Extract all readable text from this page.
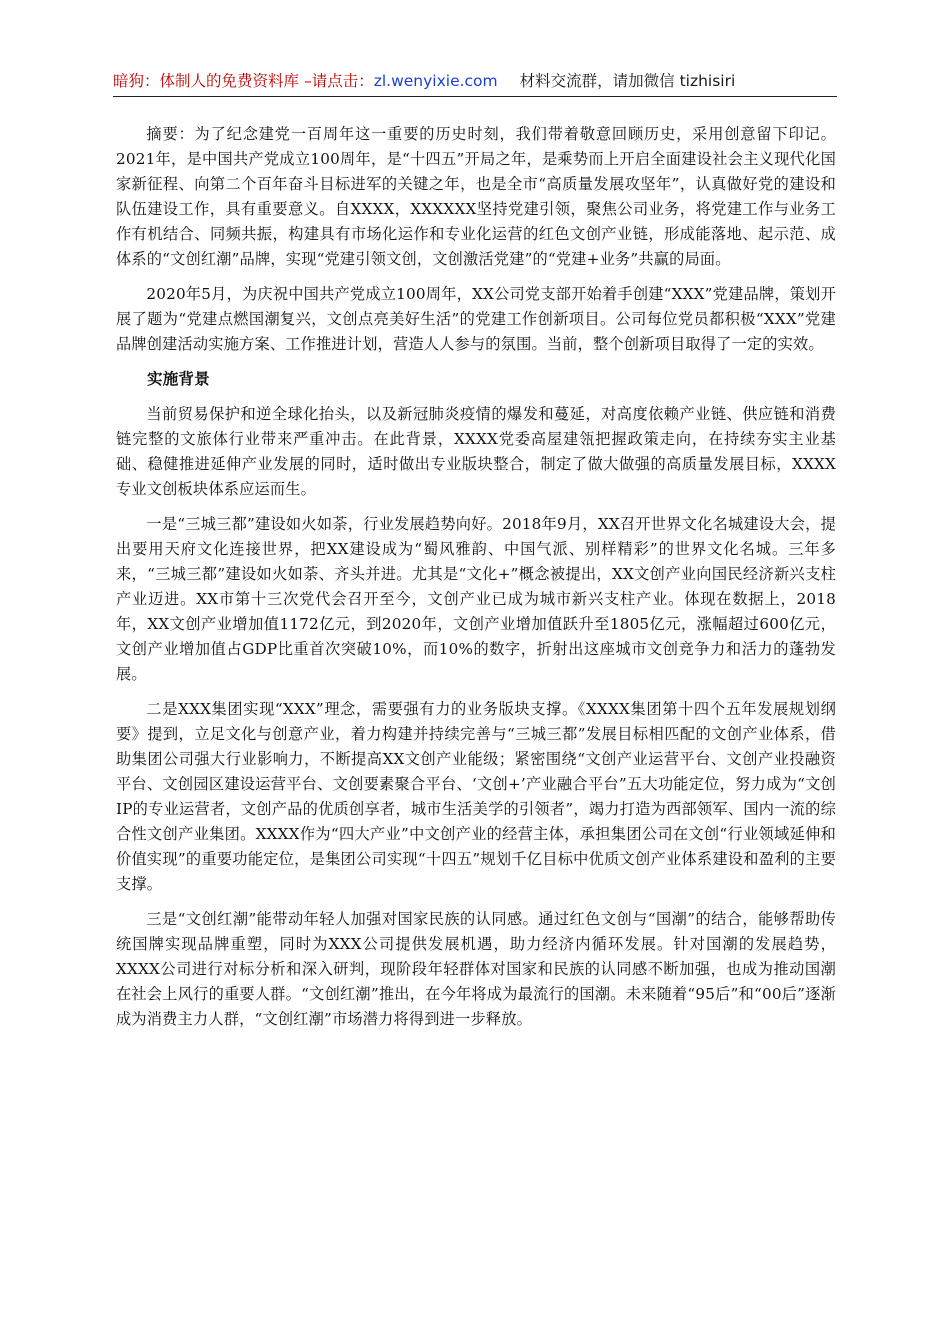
暗狗：体制人的免费资料库 –请点击：zl.wenyixie.com 材料交流群，请加微信 tizhisiri

摘要：为了纪念建党一百周年这一重要的历史时刻，我们带着敬意回顾历史，采用创意留下印记。2021年，是中国共产党成立100周年，是“十四五”开局之年，是乘势而上开启全面建设社会主义现代化国家新征程、向第二个百年奋斗目标进军的关键之年，也是全市“高质量发展攻坚年”，认真做好党的建设和队伍建设工作，具有重要意义。自XXXX，XXXXXX坚持党建引领，聚焦公司业务，将党建工作与业务工作有机结合、同频共振，构建具有市场化运作和专业化运营的红色文创产业链，形成能落地、起示范、成体系的“文创红潮”品牌，实现“党建引领文创，文创激活党建”的“党建+业务”共赢的局面。

2020年5月，为庆祝中国共产党成立100周年，XX公司党支部开始着手创建“XXX”党建品牌，策划开展了题为“党建点燃国潮复兴，文创点亮美好生活”的党建工作创新项目。公司每位党员都积极“XXX”党建品牌创建活动实施方案、工作推进计划，营造人人参与的氛围。当前，整个创新项目取得了一定的实效。

实施背景

当前贸易保护和逆全球化抬头，以及新冠肺炎疫情的爆发和蔓延，对高度依赖产业链、供应链和消费链完整的文旅体行业带来严重冲击。在此背景，XXXX党委高屋建瓴把握政策走向，在持续夯实主业基础、稳健推进延伸产业发展的同时，适时做出专业版块整合，制定了做大做强的高质量发展目标，XXXX专业文创板块体系应运而生。

一是“三城三都”建设如火如荼，行业发展趋势向好。2018年9月，XX召开世界文化名城建设大会，提出要用天府文化连接世界，把XX建设成为“蜀风雅韵、中国气派、别样精彩”的世界文化名城。三年多来，“三城三都”建设如火如荼、齐头并进。尤其是“文化+”概念被提出，XX文创产业向国民经济新兴支柱产业迈进。XX市第十三次党代会召开至今，文创产业已成为城市新兴支柱产业。体现在数据上，2018年，XX文创产业增加值1172亿元，到2020年，文创产业增加值跃升至1805亿元，涨幅超过600亿元，文创产业增加值占GDP比重首次突破10%，而10%的数字，折射出这座城市文创竞争力和活力的蓬勃发展。

二是XXX集团实现“XXX”理念，需要强有力的业务版块支撑。《XXXX集团第十四个五年发展规划纲要》提到，立足文化与创意产业，着力构建并持续完善与“三城三都”发展目标相匹配的文创产业体系，借助集团公司强大行业影响力，不断提高XX文创产业能级；紧密围绕“文创产业运营平台、文创产业投融资平台、文创园区建设运营平台、文创要素聚合平台、‘文创+’产业融合平台”五大功能定位，努力成为“文创IP的专业运营者，文创产品的优质创享者，城市生活美学的引领者”，竭力打造为西部领军、国内一流的综合性文创产业集团。XXXX作为“四大产业”中文创产业的经营主体，承担集团公司在文创“行业领域延伸和价值实现”的重要功能定位，是集团公司实现“十四五”规划千亿目标中优质文创产业体系建设和盈利的主要支撑。

三是“文创红潮”能带动年轻人加强对国家民族的认同感。通过红色文创与“国潮”的结合，能够帮助传统国牌实现品牌重塑，同时为XXX公司提供发展机遇，助力经济内循环发展。针对国潮的发展趋势，XXXX公司进行对标分析和深入研判，现阶段年轻群体对国家和民族的认同感不断加强，也成为推动国潮在社会上风行的重要人群。“文创红潮”推出，在今年将成为最流行的国潮。未来随着“95后”和“00后”逐渐成为消费主力人群，“文创红潮”市场潜力将得到进一步释放。
